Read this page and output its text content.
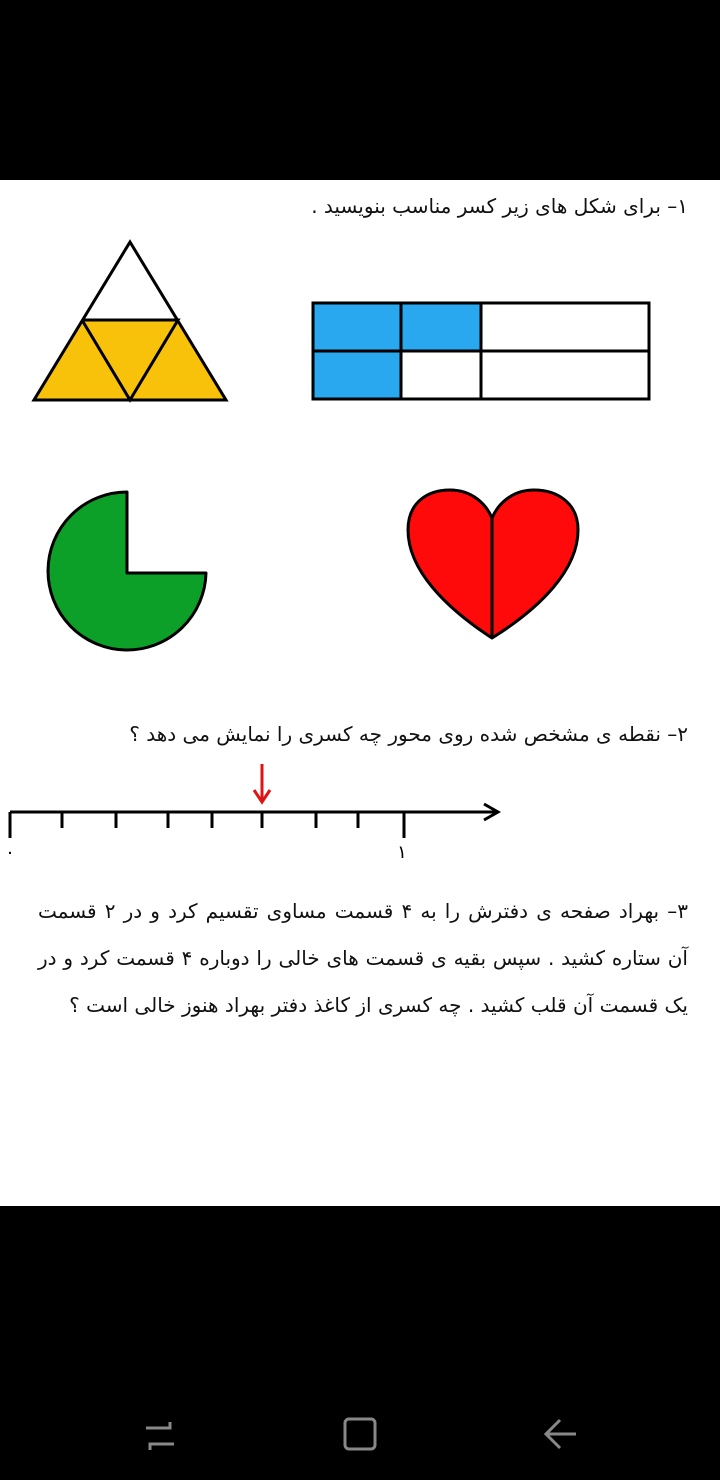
۱– برای شکل های زیر کسر مناسب بنویسید .
۲– نقطه ی مشخص شده روی محور چه کسری را نمایش می دهد ؟
۰	۱
۳– بهراد صفحه ی دفترش را به ۴ قسمت مساوی تقسیم کرد و در ۲ قسمت آن ستاره کشید . سپس بقیه ی قسمت های خالی را دوباره ۴ قسمت کرد و در یک قسمت آن قلب کشید . چه کسری از کاغذ دفتر بهراد هنوز خالی است ؟
